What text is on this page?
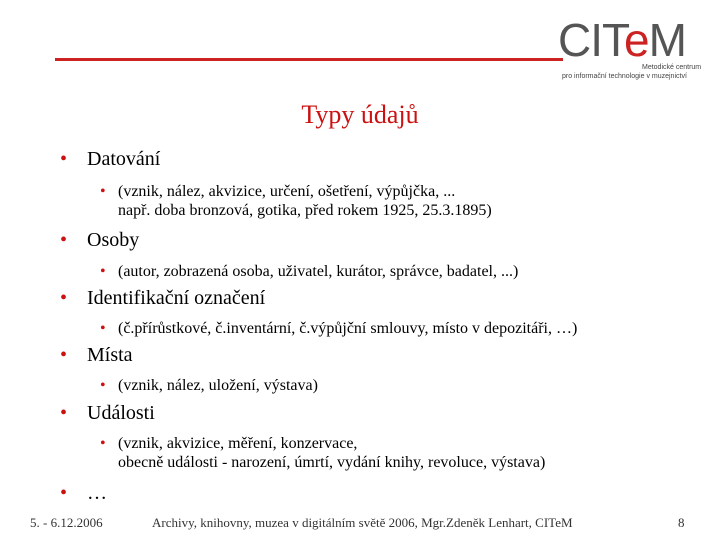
CITeM
Metodické centrum
pro informační technologie v muzejnictví
Typy údajů
• Datování
• (vznik, nález, akvizice, určení, ošetření, výpůjčka, ...
např. doba bronzová, gotika, před rokem 1925, 25.3.1895)
• Osoby
• (autor, zobrazená osoba, uživatel, kurátor, správce, badatel, ...)
• Identifikační označení
• (č.přírůstkové, č.inventární, č.výpůjční smlouvy, místo v depozitáři, …)
• Místa
• (vznik, nález, uložení, výstava)
• Události
• (vznik, akvizice, měření, konzervace,
obecně události - narození, úmrtí, vydání knihy, revoluce, výstava)
• …
5. - 6.12.2006	Archivy, knihovny, muzea v digitálním světě 2006, Mgr.Zdeněk Lenhart, CITeM	8
